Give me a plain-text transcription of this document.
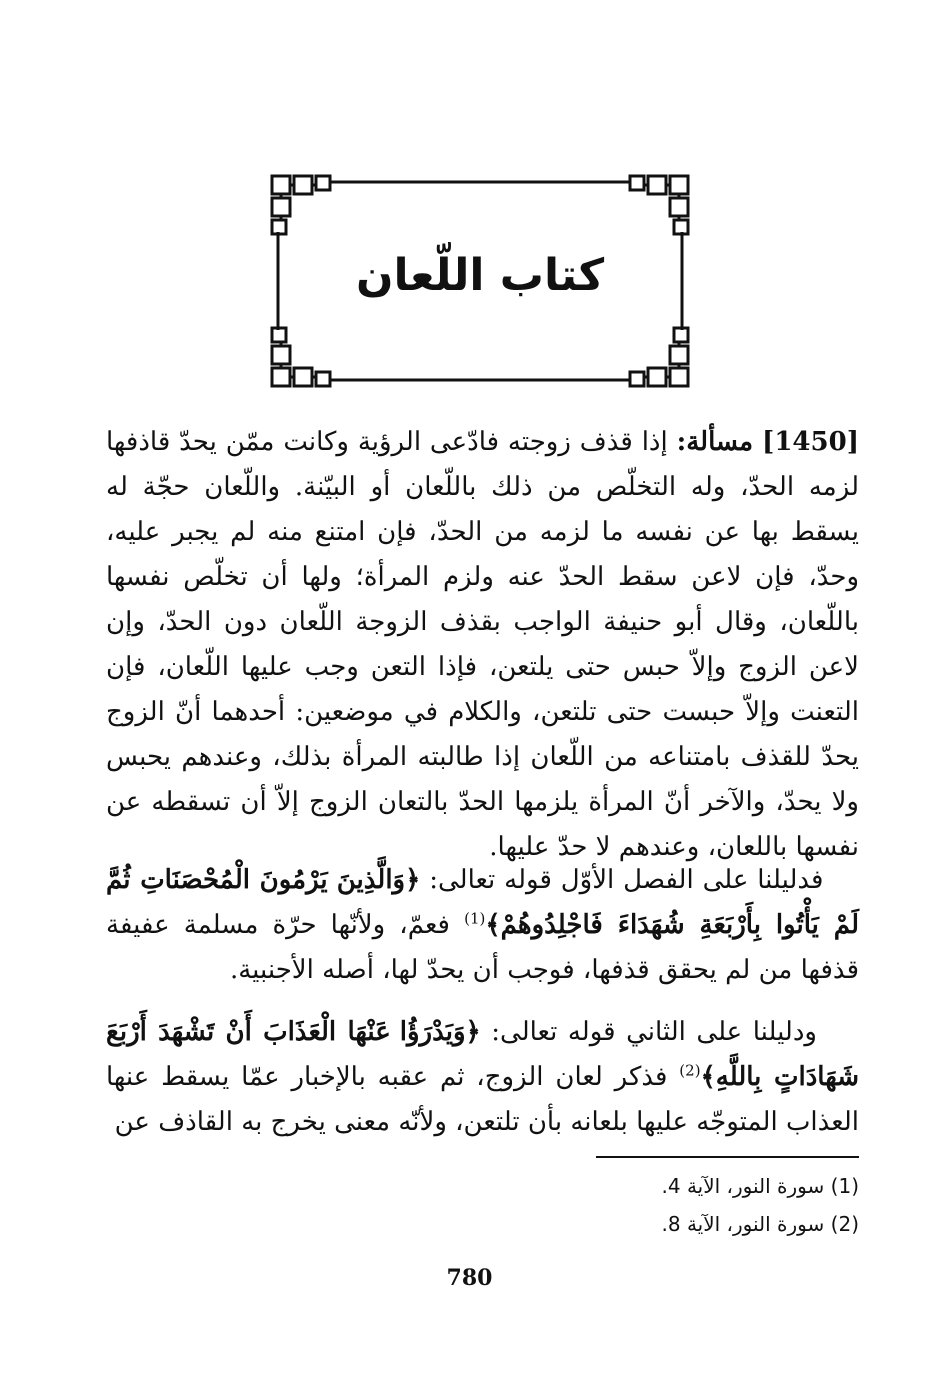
كتاب اللّعان
[1450] مسألة: إذا قذف زوجته فادّعى الرؤية وكانت ممّن يحدّ قاذفها لزمه الحدّ، وله التخلّص من ذلك باللّعان أو البيّنة. واللّعان حجّة له يسقط بها عن نفسه ما لزمه من الحدّ، فإن امتنع منه لم يجبر عليه، وحدّ، فإن لاعن سقط الحدّ عنه ولزم المرأة؛ ولها أن تخلّص نفسها باللّعان، وقال أبو حنيفة الواجب بقذف الزوجة اللّعان دون الحدّ، وإن لاعن الزوج وإلاّ حبس حتى يلتعن، فإذا التعن وجب عليها اللّعان، فإن التعنت وإلاّ حبست حتى تلتعن، والكلام في موضعين: أحدهما أنّ الزوج يحدّ للقذف بامتناعه من اللّعان إذا طالبته المرأة بذلك، وعندهم يحبس ولا يحدّ، والآخر أنّ المرأة يلزمها الحدّ بالتعان الزوج إلاّ أن تسقطه عن نفسها باللعان، وعندهم لا حدّ عليها.
فدليلنا على الفصل الأوّل قوله تعالى: ﴿وَالَّذِينَ يَرْمُونَ الْمُحْصَنَاتِ ثُمَّ لَمْ يَأْتُوا بِأَرْبَعَةِ شُهَدَاءَ فَاجْلِدُوهُمْ﴾$^{(1)}$ فعمّ، ولأنّها حرّة مسلمة عفيفة قذفها من لم يحقق قذفها، فوجب أن يحدّ لها، أصله الأجنبية.
ودليلنا على الثاني قوله تعالى: ﴿وَيَدْرَؤُا عَنْهَا الْعَذَابَ أَنْ تَشْهَدَ أَرْبَعَ شَهَادَاتٍ بِاللَّهِ﴾$^{(2)}$ فذكر لعان الزوج، ثم عقبه بالإخبار عمّا يسقط عنها العذاب المتوجّه عليها بلعانه بأن تلتعن، ولأنّه معنى يخرج به القاذف عن
(1) سورة النور، الآية 4.
(2) سورة النور، الآية 8.
780
